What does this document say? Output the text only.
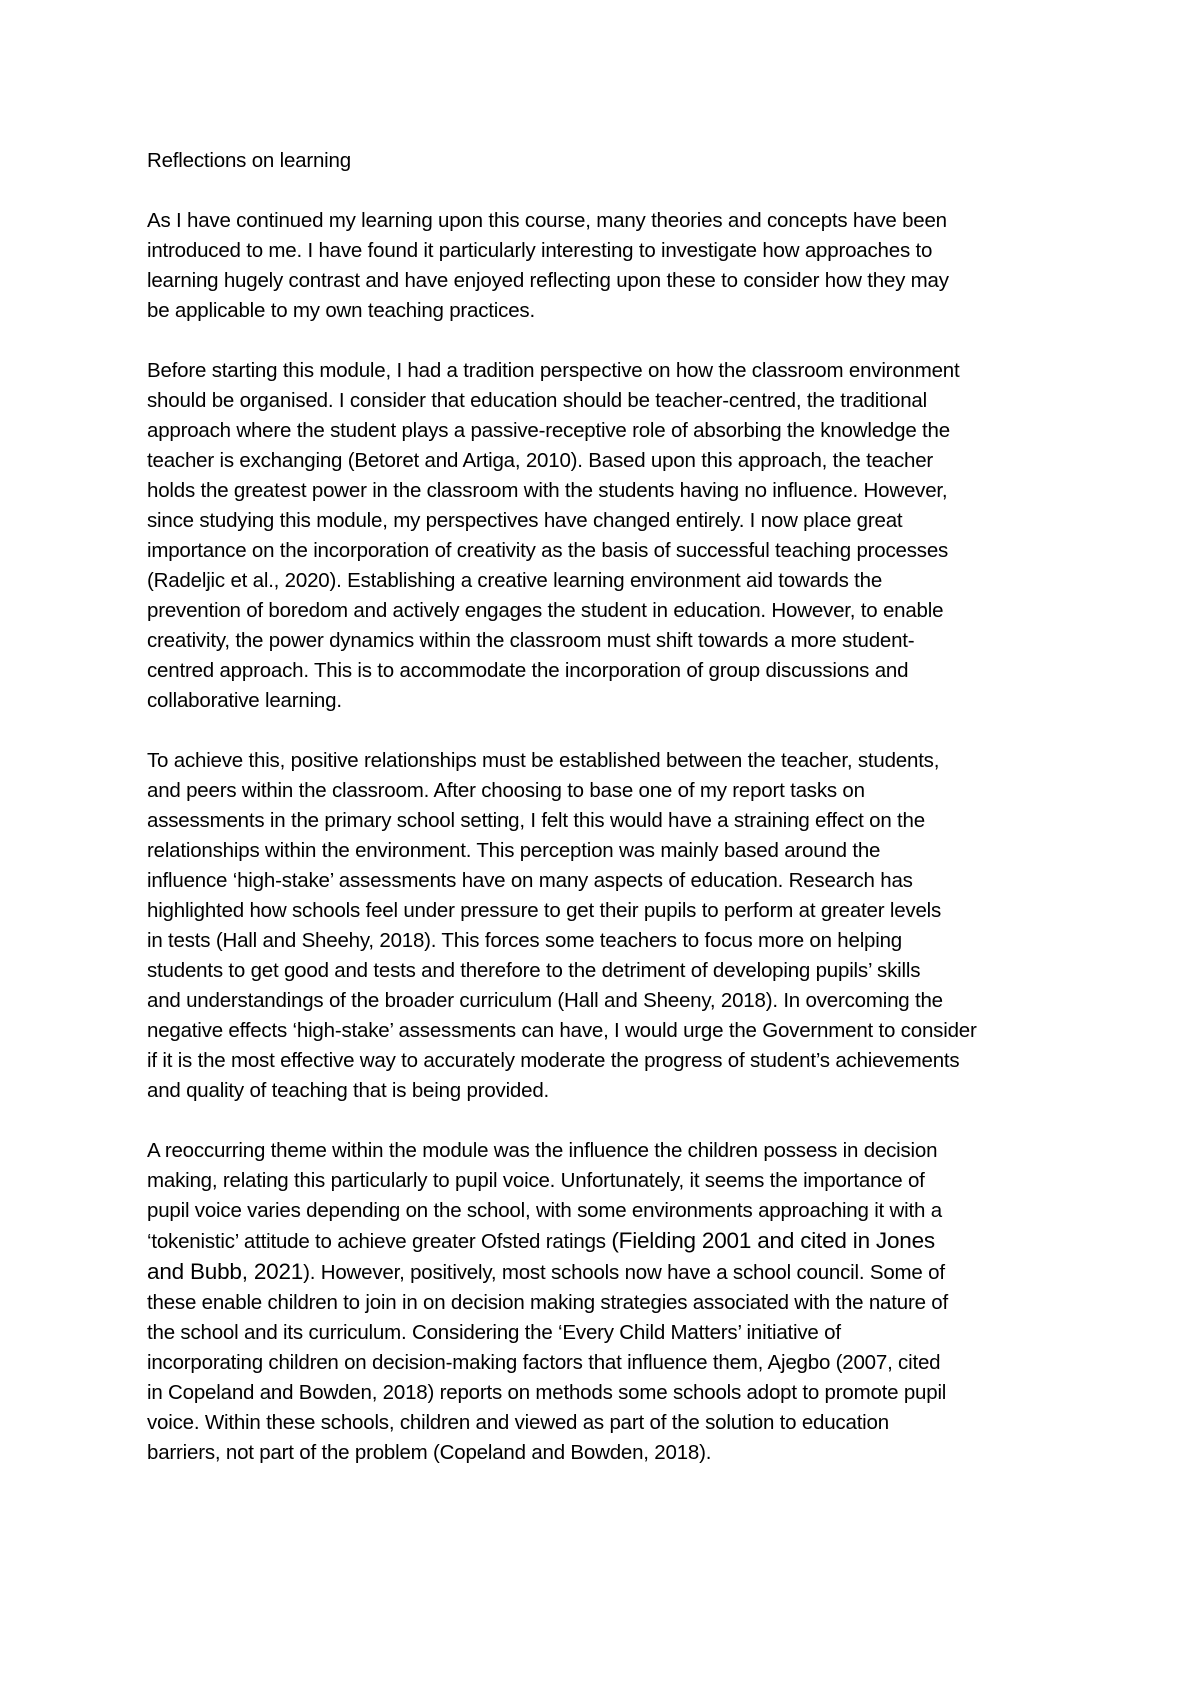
Reflections on learning
As I have continued my learning upon this course, many theories and concepts have been
introduced to me. I have found it particularly interesting to investigate how approaches to
learning hugely contrast and have enjoyed reflecting upon these to consider how they may
be applicable to my own teaching practices.
Before starting this module, I had a tradition perspective on how the classroom environment
should be organised. I consider that education should be teacher-centred, the traditional
approach where the student plays a passive-receptive role of absorbing the knowledge the
teacher is exchanging (Betoret and Artiga, 2010). Based upon this approach, the teacher
holds the greatest power in the classroom with the students having no influence. However,
since studying this module, my perspectives have changed entirely. I now place great
importance on the incorporation of creativity as the basis of successful teaching processes
(Radeljic et al., 2020). Establishing a creative learning environment aid towards the
prevention of boredom and actively engages the student in education. However, to enable
creativity, the power dynamics within the classroom must shift towards a more student-
centred approach. This is to accommodate the incorporation of group discussions and
collaborative learning.
To achieve this, positive relationships must be established between the teacher, students,
and peers within the classroom. After choosing to base one of my report tasks on
assessments in the primary school setting, I felt this would have a straining effect on the
relationships within the environment. This perception was mainly based around the
influence ‘high-stake’ assessments have on many aspects of education. Research has
highlighted how schools feel under pressure to get their pupils to perform at greater levels
in tests (Hall and Sheehy, 2018). This forces some teachers to focus more on helping
students to get good and tests and therefore to the detriment of developing pupils’ skills
and understandings of the broader curriculum (Hall and Sheeny, 2018). In overcoming the
negative effects ‘high-stake’ assessments can have, I would urge the Government to consider
if it is the most effective way to accurately moderate the progress of student’s achievements
and quality of teaching that is being provided.
A reoccurring theme within the module was the influence the children possess in decision
making, relating this particularly to pupil voice. Unfortunately, it seems the importance of
pupil voice varies depending on the school, with some environments approaching it with a
‘tokenistic’ attitude to achieve greater Ofsted ratings (Fielding 2001 and cited in Jones
and Bubb, 2021). However, positively, most schools now have a school council. Some of
these enable children to join in on decision making strategies associated with the nature of
the school and its curriculum. Considering the ‘Every Child Matters’ initiative of
incorporating children on decision-making factors that influence them, Ajegbo (2007, cited
in Copeland and Bowden, 2018) reports on methods some schools adopt to promote pupil
voice. Within these schools, children and viewed as part of the solution to education
barriers, not part of the problem (Copeland and Bowden, 2018).
